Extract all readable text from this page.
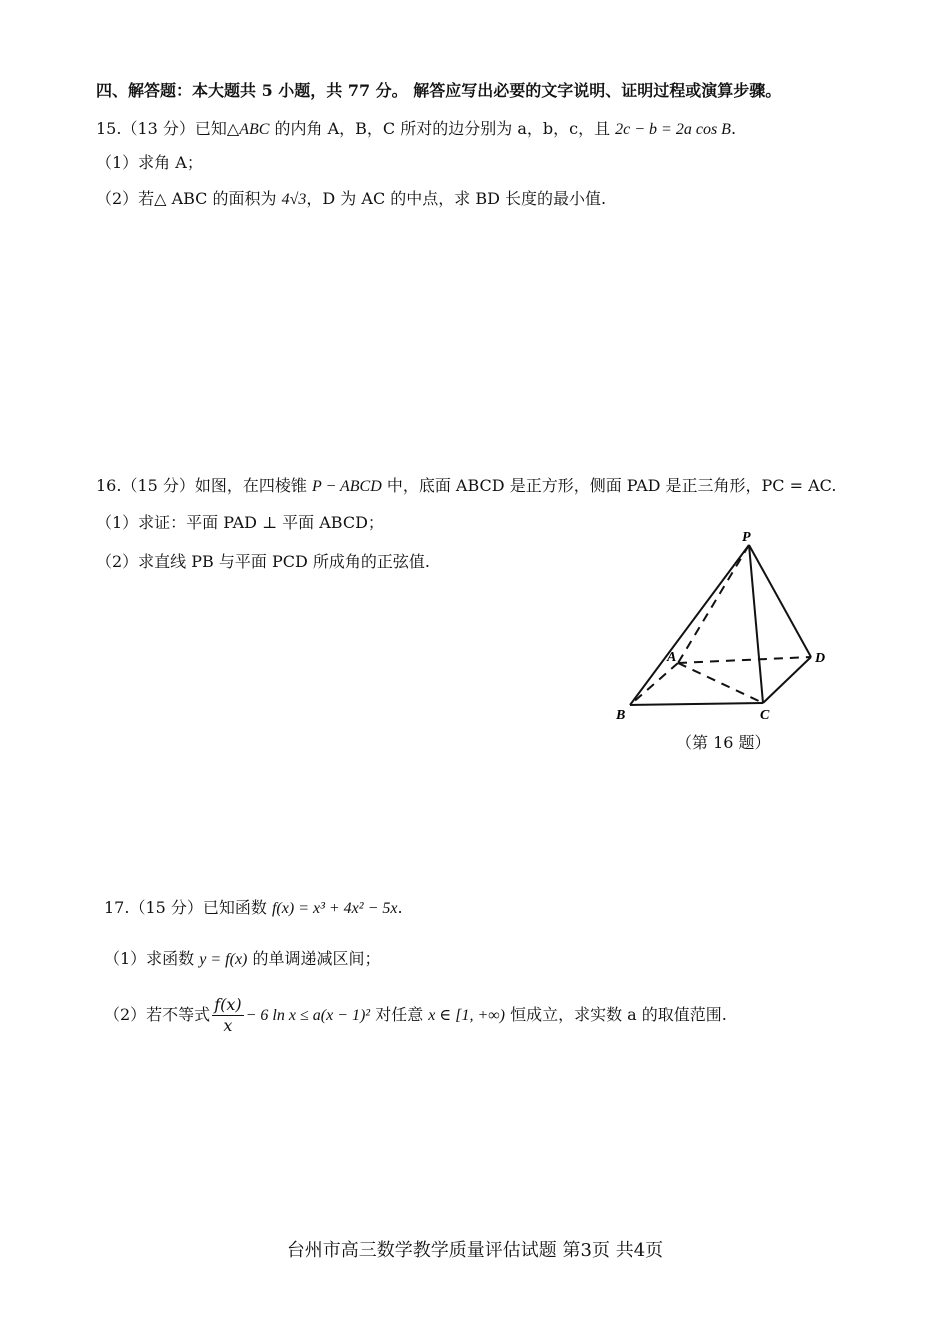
四、解答题：本大题共 5 小题，共 77 分。 解答应写出必要的文字说明、证明过程或演算步骤。
15.（13 分）已知△ABC 的内角 A，B，C 所对的边分别为 a，b，c，且 2c − b = 2a cos B.
（1）求角 A；
（2）若△ ABC 的面积为 4√3，D 为 AC 的中点，求 BD 长度的最小值.
16.（15 分）如图，在四棱锥 P − ABCD 中，底面 ABCD 是正方形，侧面 PAD 是正三角形，PC = AC.
（1）求证：平面 PAD ⊥ 平面 ABCD；
（2）求直线 PB 与平面 PCD 所成角的正弦值.
P
A
B	C
D
（第 16 题）
17.（15 分）已知函数 f(x) = x³ + 4x² − 5x.
（1）求函数 y = f(x) 的单调递减区间；
（2）若不等式 $\frac{f(x)}{x} - 6$ ln x ≤ a(x − 1)² 对任意 x ∈ [1, +∞) 恒成立，求实数 a 的取值范围.
台州市高三数学教学质量评估试题 第3页 共4页
